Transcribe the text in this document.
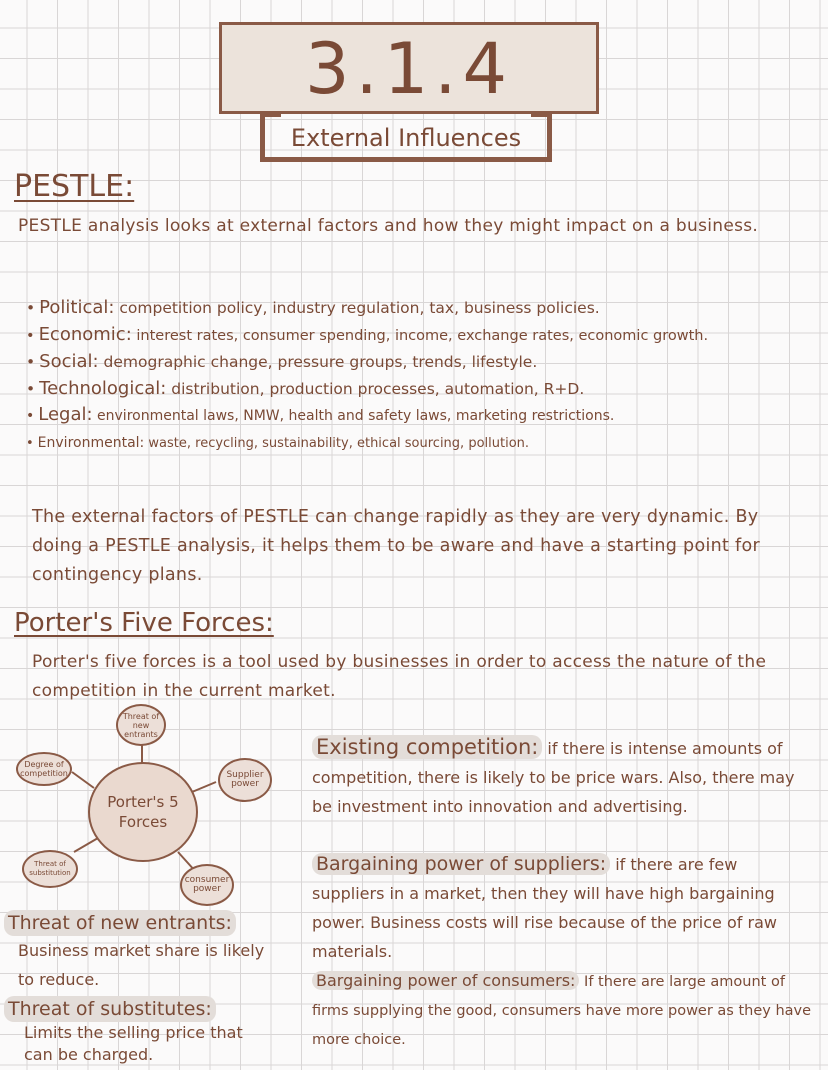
3.1.4
External Influences
PESTLE:
PESTLE analysis looks at external factors and how they might impact on a business.
• Political: competition policy, industry regulation, tax, business policies.
• Economic: interest rates, consumer spending, income, exchange rates, economic growth.
• Social: demographic change, pressure groups, trends, lifestyle.
• Technological: distribution, production processes, automation, R+D.
• Legal: environmental laws, NMW, health and safety laws, marketing restrictions.
• Environmental: waste, recycling, sustainability, ethical sourcing, pollution.
The external factors of PESTLE can change rapidly as they are very dynamic. By doing a PESTLE analysis, it helps them to be aware and have a starting point for contingency plans.
Porter's Five Forces:
Porter's five forces is a tool used by businesses in order to access the nature of the competition in the current market.
Porter's 5 Forces
Threat of new entrants
Degree of competition	Supplier power
Threat of substitution
consumer power
Existing competition: if there is intense amounts of competition, there is likely to be price wars. Also, there may be investment into innovation and advertising.
Bargaining power of suppliers: if there are few suppliers in a market, then they will have high bargaining power. Business costs will rise because of the price of raw materials.
Bargaining power of consumers: If there are large amount of firms supplying the good, consumers have more power as they have more choice.
Threat of new entrants:
Business market share is likely to reduce.
Threat of substitutes:
Limits the selling price that can be charged.
